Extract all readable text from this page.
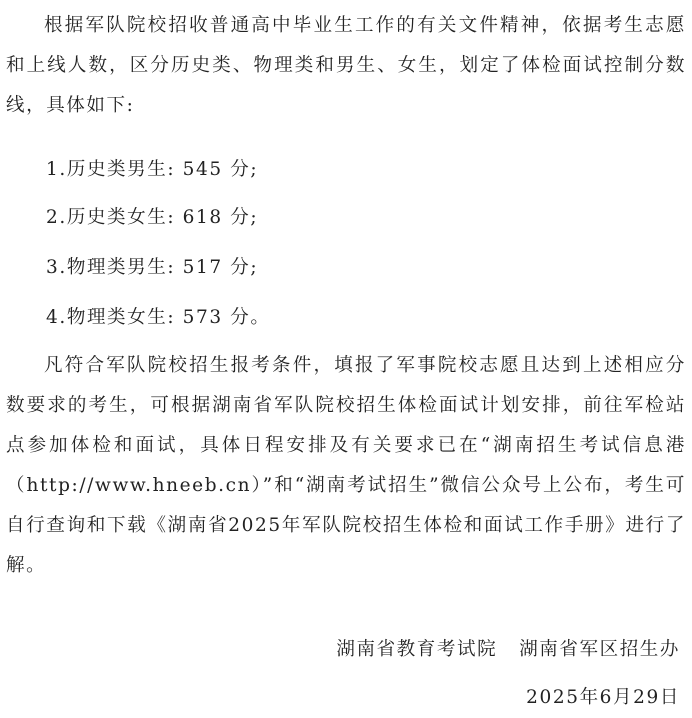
根据军队院校招收普通高中毕业生工作的有关文件精神，依据考生志愿和上线人数，区分历史类、物理类和男生、女生，划定了体检面试控制分数线，具体如下:

1.历史类男生: 545 分;

2.历史类女生: 618 分;

3.物理类男生: 517 分;

4.物理类女生: 573 分。

凡符合军队院校招生报考条件，填报了军事院校志愿且达到上述相应分数要求的考生，可根据湖南省军队院校招生体检面试计划安排，前往军检站点参加体检和面试，具体日程安排及有关要求已在“湖南招生考试信息港（http://www.hneeb.cn）”和“湖南考试招生”微信公众号上公布，考生可自行查询和下载《湖南省2025年军队院校招生体检和面试工作手册》进行了解。

湖南省教育考试院 湖南省军区招生办

2025年6月29日
